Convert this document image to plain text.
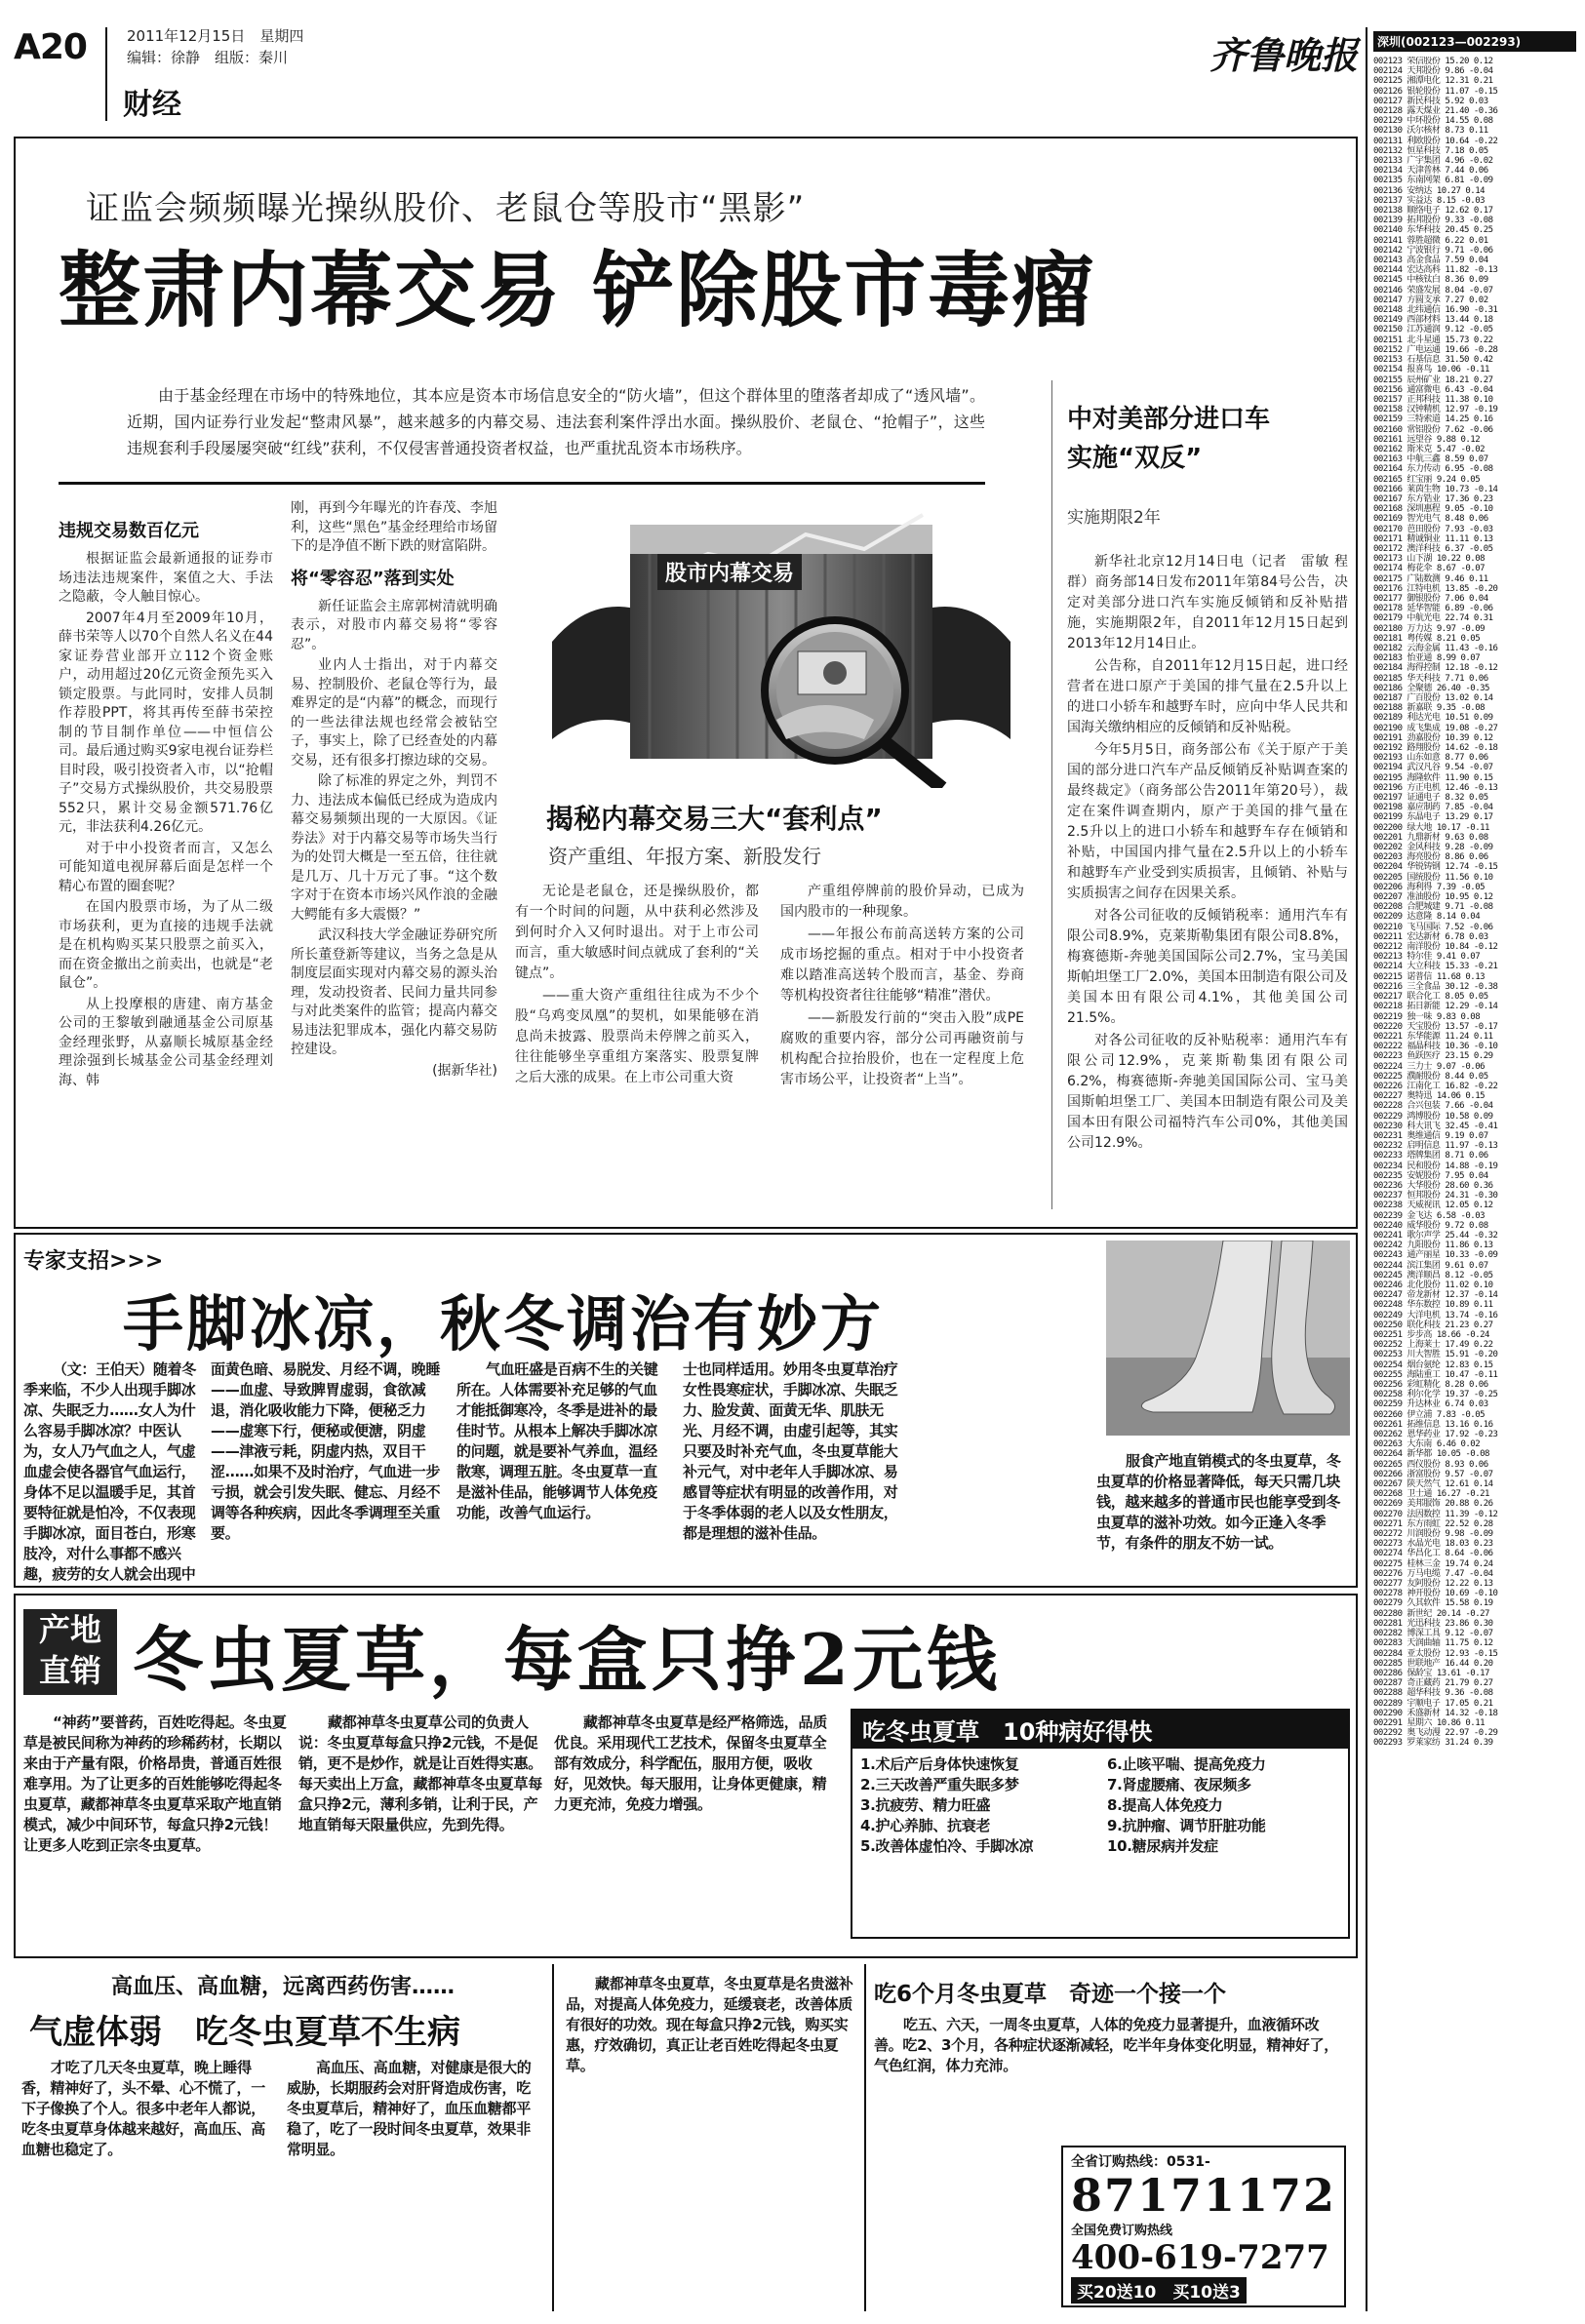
A20	2011年12月15日　 星期四
编辑：徐静　组版：秦川
财经
齐鲁晚报
证监会频频曝光操纵股价、老鼠仓等股市“黑影”
整肃内幕交易 铲除股市毒瘤

由于基金经理在市场中的特殊地位，其本应是资本市场信息安全的“防火墙”，但这个群体里的堕落者却成了“透风墙”。近期，国内证券行业发起“整肃风暴”，越来越多的内幕交易、违法套利案件浮出水面。操纵股价、老鼠仓、“抢帽子”，这些违规套利手段屡屡突破“红线”获利，不仅侵害普通投资者权益，也严重扰乱资本市场秩序。

违规交易数百亿元

根据证监会最新通报的证券市场违法违规案件，案值之大、手法之隐蔽，令人触目惊心。

2007年4月至2009年10月，薛书荣等人以70个自然人名义在44家证券营业部开立112个资金账户，动用超过20亿元资金预先买入锁定股票。与此同时，安排人员制作荐股PPT，将其再传至薛书荣控制的节目制作单位——中恒信公司。最后通过购买9家电视台证券栏目时段，吸引投资者入市，以“抢帽子”交易方式操纵股价，共交易股票552只，累计交易金额571.76亿元，非法获利4.26亿元。

对于中小投资者而言，又怎么可能知道电视屏幕后面是怎样一个精心布置的圈套呢？

在国内股票市场，为了从二级市场获利，更为直接的违规手法就是在机构购买某只股票之前买入，而在资金撤出之前卖出，也就是“老鼠仓”。

从上投摩根的唐建、南方基金公司的王黎敏到融通基金公司原基金经理张野，从嘉顺长城原基金经理涂强到长城基金公司基金经理刘海、韩

刚，再到今年曝光的许春茂、李旭利，这些“黑色”基金经理给市场留下的是净值不断下跌的财富陷阱。

将“零容忍”落到实处

新任证监会主席郭树清就明确表示，对股市内幕交易将“零容忍”。

业内人士指出，对于内幕交易、控制股价、老鼠仓等行为，最难界定的是“内幕”的概念，而现行的一些法律法规也经常会被钻空子，事实上，除了已经查处的内幕交易，还有很多打擦边球的交易。

除了标准的界定之外，判罚不力、违法成本偏低已经成为造成内幕交易频频出现的一大原因。《证券法》对于内幕交易等市场失当行为的处罚大概是一至五倍，往往就是几万、几十万元了事。“这个数字对于在资本市场兴风作浪的金融大鳄能有多大震慑？”

武汉科技大学金融证券研究所所长董登新等建议，当务之急是从制度层面实现对内幕交易的源头治理，发动投资者、民间力量共同参与对此类案件的监管；提高内幕交易违法犯罪成本，强化内幕交易防控建设。

(据新华社)

股市内幕交易
揭秘内幕交易三大“套利点”
资产重组、年报方案、新股发行

无论是老鼠仓，还是操纵股价，都有一个时间的问题，从中获利必然涉及到何时介入又何时退出。对于上市公司而言，重大敏感时间点就成了套利的“关键点”。

——重大资产重组往往成为不少个股“乌鸡变凤凰”的契机，如果能够在消息尚未披露、股票尚未停牌之前买入，往往能够坐享重组方案落实、股票复牌之后大涨的成果。在上市公司重大资

产重组停牌前的股价异动，已成为国内股市的一种现象。

——年报公布前高送转方案的公司成市场挖掘的重点。相对于中小投资者难以踏准高送转个股而言，基金、券商等机构投资者往往能够“精准”潜伏。

——新股发行前的“突击入股”成PE腐败的重要内容，部分公司再融资前与机构配合拉抬股价，也在一定程度上危害市场公平，让投资者“上当”。

中对美部分进口车
实施“双反”
实施期限2年

新华社北京12月14日电（记者　雷敏 程群）商务部14日发布2011年第84号公告，决定对美部分进口汽车实施反倾销和反补贴措施，实施期限2年，自2011年12月15日起到2013年12月14日止。

公告称，自2011年12月15日起，进口经营者在进口原产于美国的排气量在2.5升以上的进口小轿车和越野车时，应向中华人民共和国海关缴纳相应的反倾销和反补贴税。

今年5月5日，商务部公布《关于原产于美国的部分进口汽车产品反倾销反补贴调查案的最终裁定》（商务部公告2011年第20号），裁定在案件调查期内，原产于美国的排气量在2.5升以上的进口小轿车和越野车存在倾销和补贴，中国国内排气量在2.5升以上的小轿车和越野车产业受到实质损害，且倾销、补贴与实质损害之间存在因果关系。

对各公司征收的反倾销税率：通用汽车有限公司8.9%，克莱斯勒集团有限公司8.8%，梅赛德斯-奔驰美国国际公司2.7%，宝马美国斯帕坦堡工厂2.0%，美国本田制造有限公司及美国本田有限公司4.1%，其他美国公司21.5%。

对各公司征收的反补贴税率：通用汽车有限公司12.9%，克莱斯勒集团有限公司6.2%，梅赛德斯-奔驰美国国际公司、宝马美国斯帕坦堡工厂、美国本田制造有限公司及美国本田有限公司福特汽车公司0%，其他美国公司12.9%。

专家支招>>>
手脚冰凉，秋冬调治有妙方

（文：王伯天）随着冬季来临，不少人出现手脚冰凉、失眠乏力……女人为什么容易手脚冰凉？中医认为，女人乃气血之人，气虚血虚会使各器官气血运行，身体不足以温暖手足，其首要特征就是怕冷，不仅表现手脚冰凉，面目苍白，形寒肢冷，对什么事都不感兴趣，疲劳的女人就会出现中

面黄色暗、易脱发、月经不调，晚睡——血虚、导致脾胃虚弱，食欲减退，消化吸收能力下降，便秘乏力——虚寒下行，便秘或便溏，阴虚——津液亏耗，阴虚内热，双目干涩……如果不及时治疗，气血进一步亏损，就会引发失眠、健忘、月经不调等各种疾病，因此冬季调理至关重要。

气血旺盛是百病不生的关键所在。人体需要补充足够的气血才能抵御寒冷，冬季是进补的最佳时节。从根本上解决手脚冰凉的问题，就是要补气养血，温经散寒，调理五脏。冬虫夏草一直是滋补佳品，能够调节人体免疫功能，改善气血运行。

士也同样适用。妙用冬虫夏草治疗女性畏寒症状，手脚冰凉、失眠乏力、脸发黄、面黄无华、肌肤无光、月经不调，由虚引起等，其实只要及时补充气血，冬虫夏草能大补元气，对中老年人手脚冰凉、易感冒等症状有明显的改善作用，对于冬季体弱的老人以及女性朋友，都是理想的滋补佳品。

服食产地直销模式的冬虫夏草，冬虫夏草的价格显著降低，每天只需几块钱，越来越多的普通市民也能享受到冬虫夏草的滋补功效。如今正逢入冬季节，有条件的朋友不妨一试。

产地
直销 冬虫夏草，每盒只挣2元钱

“神药”要普药，百姓吃得起。冬虫夏草是被民间称为神药的珍稀药材，长期以来由于产量有限，价格昂贵，普通百姓很难享用。为了让更多的百姓能够吃得起冬虫夏草，藏都神草冬虫夏草采取产地直销模式，减少中间环节，每盒只挣2元钱！让更多人吃到正宗冬虫夏草。

藏都神草冬虫夏草公司的负责人说：冬虫夏草每盒只挣2元钱，不是促销，更不是炒作，就是让百姓得实惠。每天卖出上万盒，藏都神草冬虫夏草每盒只挣2元，薄利多销，让利于民，产地直销每天限量供应，先到先得。

藏都神草冬虫夏草是经严格筛选，品质优良。采用现代工艺技术，保留冬虫夏草全部有效成分，科学配伍，服用方便，吸收好，见效快。每天服用，让身体更健康，精力更充沛，免疫力增强。

吃冬虫夏草　10种病好得快
1.术后产后身体快速恢复
2.三天改善严重失眠多梦
3.抗疲劳、精力旺盛
4.护心养肺、抗衰老
5.改善体虚怕冷、手脚冰凉
6.止咳平喘、提高免疫力
7.肾虚腰痛、夜尿频多
8.提高人体免疫力
9.抗肿瘤、调节肝脏功能
10.糖尿病并发症
高血压、高血糖，远离西药伤害……
气虚体弱　吃冬虫夏草不生病

才吃了几天冬虫夏草，晚上睡得香，精神好了，头不晕、心不慌了，一下子像换了个人。很多中老年人都说，吃冬虫夏草身体越来越好，高血压、高血糖也稳定了。

高血压、高血糖，对健康是很大的威胁，长期服药会对肝肾造成伤害，吃冬虫夏草后，精神好了，血压血糖都平稳了，吃了一段时间冬虫夏草，效果非常明显。

藏都神草冬虫夏草，冬虫夏草是名贵滋补品，对提高人体免疫力，延缓衰老，改善体质有很好的功效。现在每盒只挣2元钱，购买实惠，疗效确切，真正让老百姓吃得起冬虫夏草。

吃6个月冬虫夏草　奇迹一个接一个

吃五、六天，一周冬虫夏草，人体的免疫力显著提升，血液循环改善。吃2、3个月，各种症状逐渐减轻，吃半年身体变化明显，精神好了，气色红润，体力充沛。

全省订购热线：0531-
87171172
全国免费订购热线
400-619-7277
买20送10　买10送3
深圳(002123—002293)
002123 荣信股份 15.20 0.12
002124 天邦股份 9.86 -0.04
002125 湘潭电化 12.31 0.21
002126 银轮股份 11.07 -0.15
002127 新民科技 5.92 0.03
002128 露天煤业 21.40 -0.36
002129 中环股份 14.55 0.08
002130 沃尔核材 8.73 0.11
002131 利欧股份 10.64 -0.22
002132 恒星科技 7.18 0.05
002133 广宇集团 4.96 -0.02
002134 天津普林 7.44 0.06
002135 东南网架 6.81 -0.09
002136 安纳达 10.27 0.14
002137 实益达 8.15 -0.03
002138 顺络电子 12.62 0.17
002139 拓邦股份 9.33 -0.08
002140 东华科技 20.45 0.25
002141 蓉胜超微 6.22 0.01
002142 宁波银行 9.71 -0.06
002143 高金食品 7.59 0.04
002144 宏达高科 11.82 -0.13
002145 中核钛白 8.36 0.09
002146 荣盛发展 8.04 -0.07
002147 方圆支承 7.27 0.02
002148 北纬通信 16.90 -0.31
002149 西部材料 13.44 0.18
002150 江苏通润 9.12 -0.05
002151 北斗星通 15.73 0.22
002152 广电运通 19.66 -0.28
002153 石基信息 31.50 0.42
002154 报喜鸟 10.06 -0.11
002155 辰州矿业 18.21 0.27
002156 通富微电 6.43 -0.04
002157 正邦科技 11.38 0.10
002158 汉钟精机 12.97 -0.19
002159 三特索道 14.25 0.16
002160 常铝股份 7.62 -0.06
002161 远望谷 9.88 0.12
002162 斯米克 5.47 -0.02
002163 中航三鑫 8.59 0.07
002164 东力传动 6.95 -0.08
002165 红宝丽 9.24 0.05
002166 莱茵生物 10.73 -0.14
002167 东方锆业 17.36 0.23
002168 深圳惠程 9.05 -0.10
002169 智光电气 8.48 0.06
002170 芭田股份 7.93 -0.03
002171 精诚铜业 11.11 0.13
002172 澳洋科技 6.37 -0.05
002173 山下湖 10.22 0.08
002174 梅花伞 8.67 -0.07
002175 广陆数测 9.46 0.11
002176 江特电机 13.85 -0.20
002177 御银股份 7.06 0.04
002178 延华智能 6.89 -0.06
002179 中航光电 22.74 0.31
002180 万力达 9.97 -0.09
002181 粤传媒 8.21 0.05
002182 云海金属 11.43 -0.16
002183 怡亚通 8.99 0.07
002184 海得控制 12.18 -0.12
002185 华天科技 7.71 0.06
002186 全聚德 26.40 -0.35
002187 广百股份 13.02 0.14
002188 新嘉联 9.35 -0.08
002189 利达光电 10.51 0.09
002190 成飞集成 19.08 -0.27
002191 劲嘉股份 10.39 0.12
002192 路翔股份 14.62 -0.18
002193 山东如意 8.77 0.06
002194 武汉凡谷 9.54 -0.07
002195 海隆软件 11.90 0.15
002196 方正电机 12.46 -0.13
002197 证通电子 8.32 0.05
002198 嘉应制药 7.85 -0.04
002199 东晶电子 13.29 0.17
002200 绿大地 10.17 -0.11
002201 九鼎新材 9.63 0.08
002202 金风科技 9.28 -0.09
002203 海亮股份 8.86 0.06
002204 华锐铸钢 12.74 -0.15
002205 国统股份 11.56 0.10
002206 海利得 7.39 -0.05
002207 准油股份 10.95 0.12
002208 合肥城建 9.71 -0.08
002209 达意隆 8.14 0.04
002210 飞马国际 7.52 -0.06
002211 宏达新材 6.78 0.03
002212 南洋股份 10.84 -0.12
002213 特尔佳 9.41 0.07
002214 大立科技 15.33 -0.21
002215 诺普信 11.68 0.13
002216 三全食品 30.12 -0.38
002217 联合化工 8.05 0.05
002218 拓日新能 12.29 -0.14
002219 独一味 9.83 0.08
002220 天宝股份 13.57 -0.17
002221 东华能源 11.24 0.11
002222 福晶科技 10.36 -0.10
002223 鱼跃医疗 23.15 0.29
002224 三力士 9.07 -0.06
002225 濮耐股份 8.44 0.05
002226 江南化工 16.82 -0.22
002227 奥特迅 14.06 0.15
002228 合兴包装 7.66 -0.04
002229 鸿博股份 10.58 0.09
002230 科大讯飞 32.45 -0.41
002231 奥维通信 9.19 0.07
002232 启明信息 11.97 -0.13
002233 塔牌集团 8.71 0.06
002234 民和股份 14.88 -0.19
002235 安妮股份 7.95 0.04
002236 大华股份 28.60 0.36
002237 恒邦股份 24.31 -0.30
002238 天威视讯 12.05 0.12
002239 金飞达 6.58 -0.03
002240 威华股份 9.72 0.08
002241 歌尔声学 25.44 -0.32
002242 九阳股份 11.86 0.13
002243 通产丽星 10.33 -0.09
002244 滨江集团 9.61 0.07
002245 澳洋顺昌 8.12 -0.05
002246 北化股份 11.02 0.10
002247 帝龙新材 12.37 -0.14
002248 华东数控 10.89 0.11
002249 大洋电机 13.74 -0.16
002250 联化科技 21.23 0.27
002251 步步高 18.66 -0.24
002252 上海莱士 17.49 0.22
002253 川大智胜 15.91 -0.20
002254 烟台氨纶 12.83 0.15
002255 海陆重工 10.47 -0.11
002256 彩虹精化 8.28 0.06
002258 利尔化学 19.37 -0.25
002259 升达林业 6.74 0.03
002260 伊立浦 7.83 -0.05
002261 拓维信息 13.16 0.16
002262 恩华药业 17.92 -0.23
002263 大东南 6.46 0.02
002264 新华都 10.05 -0.08
002265 西仪股份 8.93 0.06
002266 浙富股份 9.57 -0.07
002267 陕天然气 12.61 0.14
002268 卫士通 16.27 -0.21
002269 美邦服饰 20.88 0.26
002270 法因数控 11.39 -0.12
002271 东方雨虹 22.52 0.28
002272 川润股份 9.98 -0.09
002273 水晶光电 18.03 0.23
002274 华昌化工 8.64 -0.06
002275 桂林三金 19.74 0.24
002276 万马电缆 7.47 -0.04
002277 友阿股份 12.22 0.13
002278 神开股份 10.69 -0.10
002279 久其软件 15.58 0.19
002280 新世纪 20.14 -0.27
002281 光迅科技 23.86 0.30
002282 博深工具 9.12 -0.07
002283 天润曲轴 11.75 0.12
002284 亚太股份 12.93 -0.15
002285 世联地产 16.44 0.20
002286 保龄宝 13.61 -0.17
002287 奇正藏药 21.79 0.27
002288 超华科技 9.36 -0.08
002289 宇顺电子 17.05 0.21
002290 禾盛新材 14.32 -0.18
002291 星期六 10.86 0.11
002292 奥飞动漫 22.97 -0.29
002293 罗莱家纺 31.24 0.39
